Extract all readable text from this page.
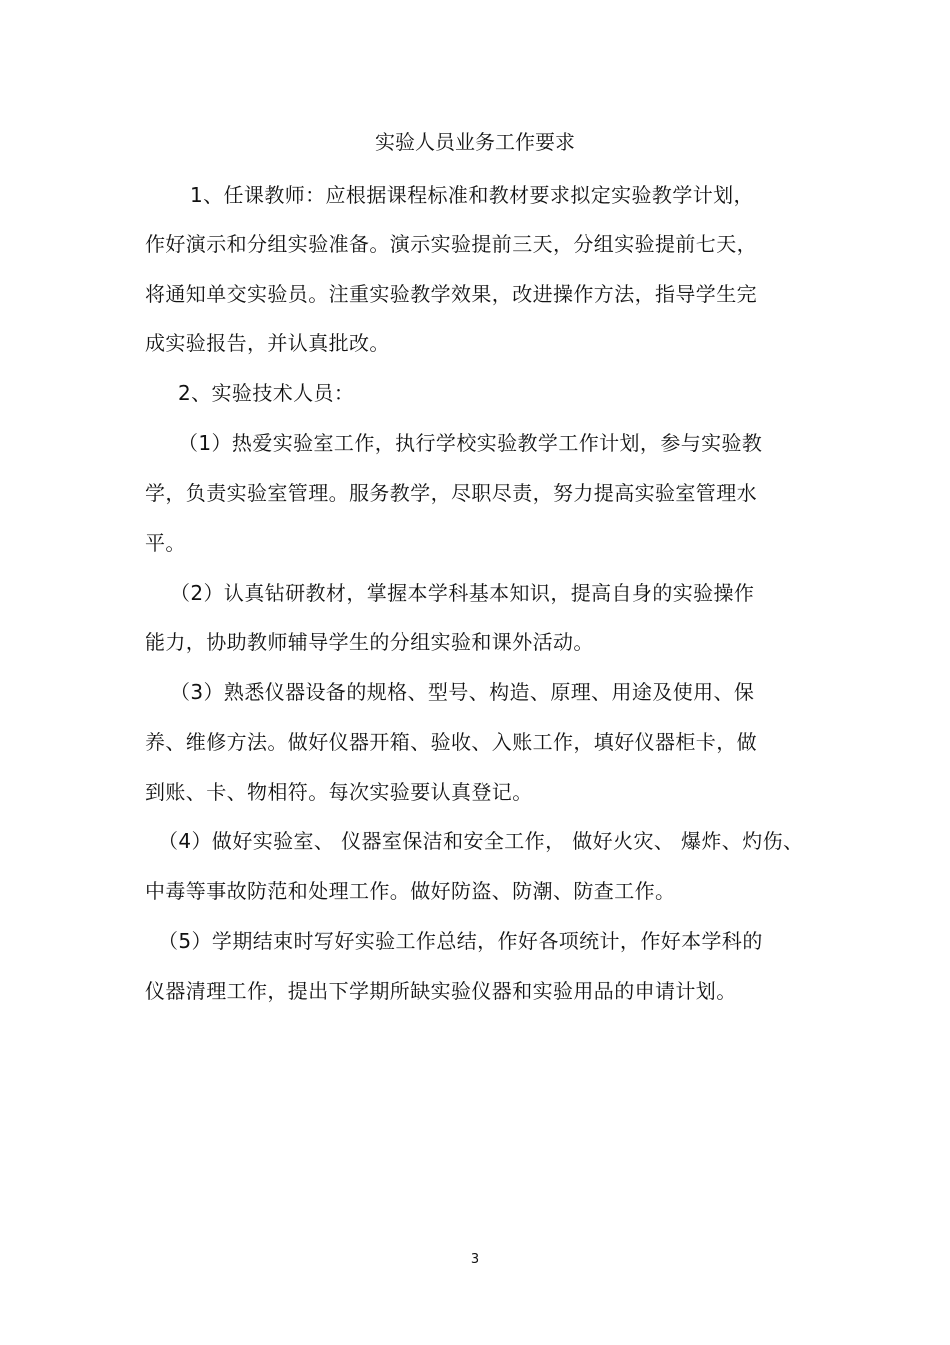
实验人员业务工作要求
1、任课教师：应根据课程标准和教材要求拟定实验教学计划，
作好演示和分组实验准备。演示实验提前三天，分组实验提前七天，
将通知单交实验员。注重实验教学效果，改进操作方法，指导学生完
成实验报告，并认真批改。
2、实验技术人员：
（1）热爱实验室工作，执行学校实验教学工作计划，参与实验教
学，负责实验室管理。服务教学，尽职尽责，努力提高实验室管理水
平。
（2）认真钻研教材，掌握本学科基本知识，提高自身的实验操作
能力，协助教师辅导学生的分组实验和课外活动。
（3）熟悉仪器设备的规格、型号、构造、原理、用途及使用、保
养、维修方法。做好仪器开箱、验收、入账工作，填好仪器柜卡，做
到账、卡、物相符。每次实验要认真登记。
（4）做好实验室、 仪器室保洁和安全工作， 做好火灾、 爆炸、灼伤、
中毒等事故防范和处理工作。做好防盗、防潮、防查工作。
（5）学期结束时写好实验工作总结，作好各项统计，作好本学科的
仪器清理工作，提出下学期所缺实验仪器和实验用品的申请计划。
3
